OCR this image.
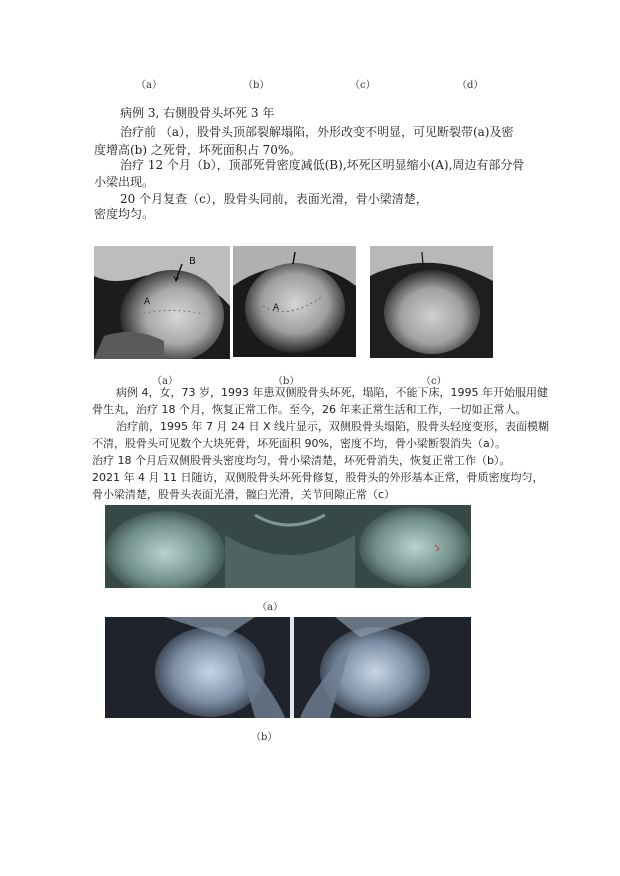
（a）	（b）	（c）	（d）
病例 3, 右侧股骨头坏死 3 年
治疗前 （a），股骨头顶部裂解塌陷，外形改变不明显，可见断裂带(a)及密
度增高(b) 之死骨，坏死面积占 70%。
治疗 12 个月（b），顶部死骨密度减低(B),坏死区明显缩小(A),周边有部分骨
小梁出现。
20 个月复查（c），股骨头同前，表面光滑，骨小梁清楚，
密度均匀。
B
A
A
（a）	（b）	（c）
病例 4，女，73 岁，1993 年患双侧股骨头坏死，塌陷，不能下床，1995 年开始服用健
骨生丸，治疗 18 个月，恢复正常工作。至今，26 年来正常生活和工作，一切如正常人。
治疗前，1995 年 7 月 24 日 X 线片显示，双侧股骨头塌陷，股骨头轻度变形，表面模糊
不清，股骨头可见数个大块死骨，坏死面积 90%，密度不均，骨小梁断裂消失（a）。
治疗 18 个月后双侧股骨头密度均匀，骨小梁清楚，坏死骨消失，恢复正常工作（b）。
2021 年 4 月 11 日随访，双侧股骨头坏死骨修复，股骨头的外形基本正常，骨质密度均匀，
骨小梁清楚，股骨头表面光滑，髋臼光滑，关节间隙正常（c）
（a）
（b）
